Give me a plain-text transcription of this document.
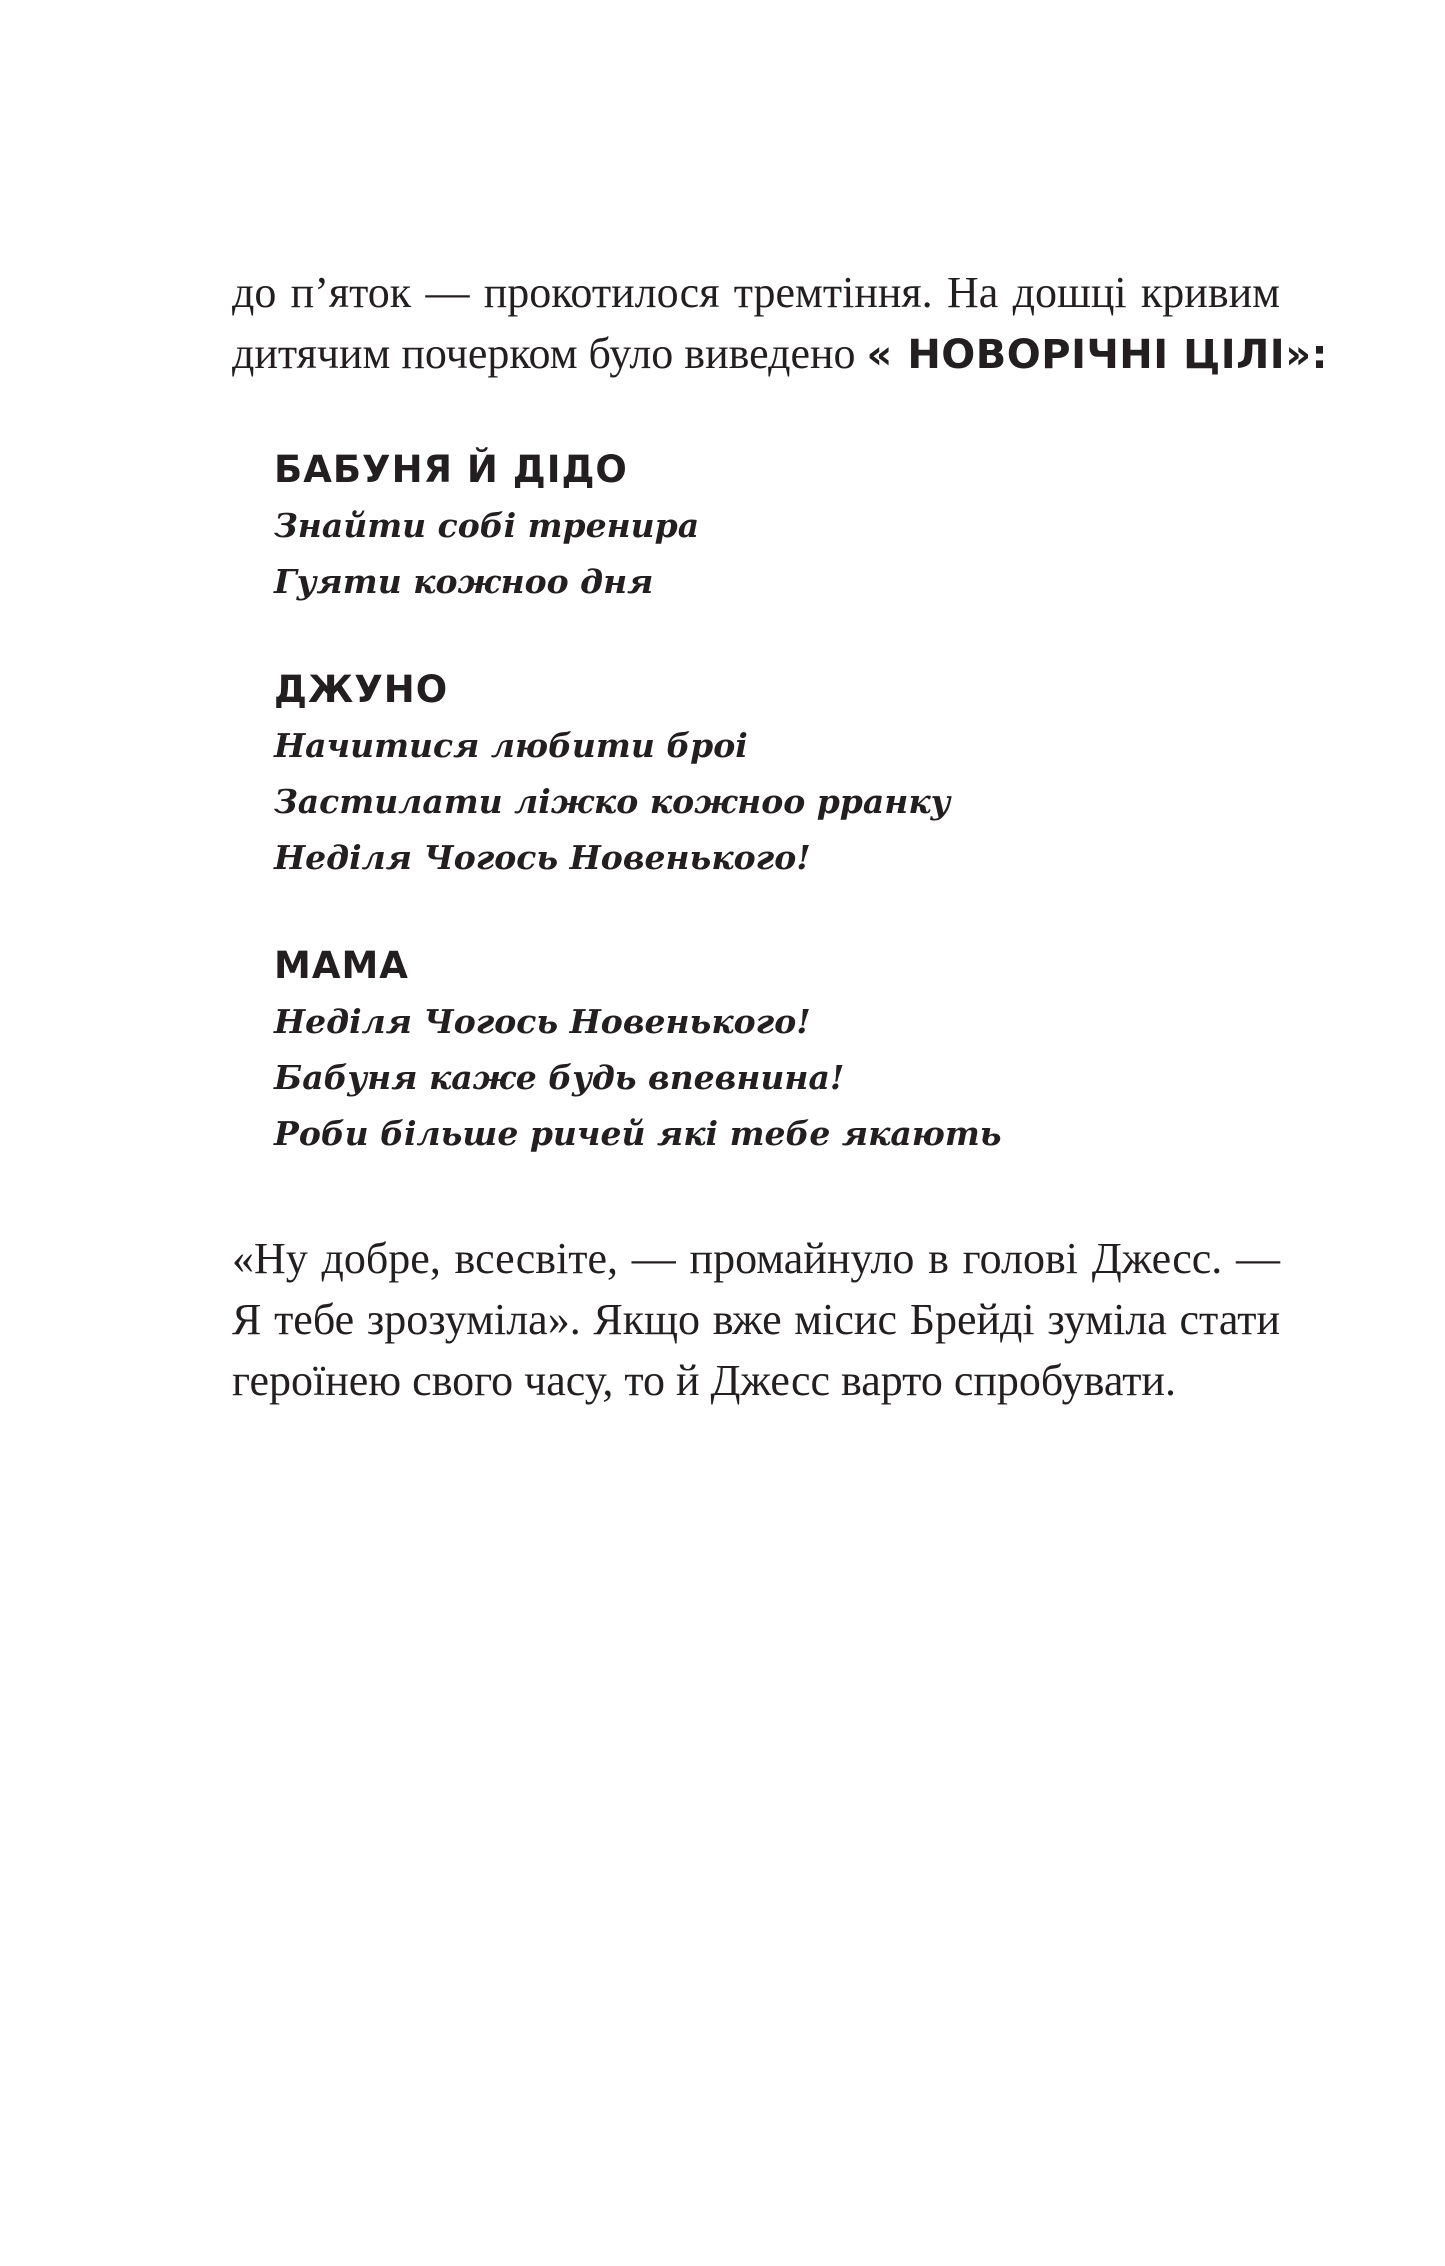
до п’яток — прокотилося тремтіння. На дошці кривим
дитячим почерком було виведено « НОВОРІЧНІ ЦІЛІ»:

БАБУНЯ Й ДІДО

Знайти собі тренира

Гуяти кожноо дня

ДЖУНО

Начитися любити броі

Застилати ліжко кожноо рранку

Неділя Чогось Новенького!

МАМА

Неділя Чогось Новенького!

Бабуня каже будь впевнина!

Роби більше ричей які тебе якають

«Ну добре, всесвіте, — промайнуло в голові Джесс. —
Я тебе зрозуміла». Якщо вже місис Брейді зуміла стати
героїнею свого часу, то й Джесс варто спробувати.
